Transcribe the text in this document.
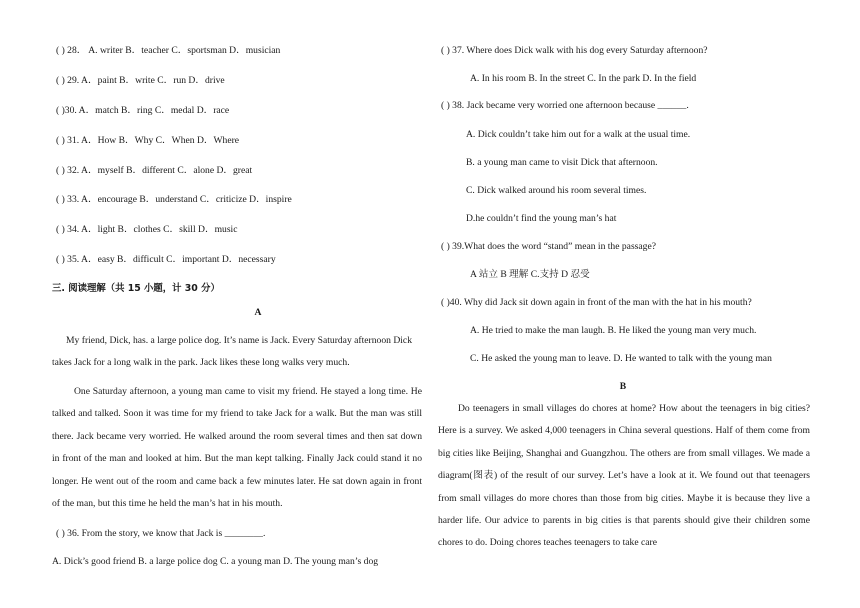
( ) 28． A. writer B．teacher C．sportsman D．musician
( ) 29. A．paint B．write C．run D．drive
( )30. A．match B．ring C．medal D．race
( ) 31. A．How B．Why C．When D．Where
( ) 32. A．myself B．different C．alone D．great
( ) 33. A．encourage B．understand C．criticize D．inspire
( ) 34. A．light B．clothes C．skill D．music
( ) 35. A．easy B．difficult C．important D．necessary
三. 阅读理解（共 15 小题，计 30 分）
A
My friend, Dick, has. a large police dog. It’s name is Jack. Every Saturday afternoon Dick takes Jack for a long walk in the park. Jack likes these long walks very much.
One Saturday afternoon, a young man came to visit my friend. He stayed a long time. He talked and talked. Soon it was time for my friend to take Jack for a walk. But the man was still there. Jack became very worried. He walked around the room several times and then sat down in front of the man and looked at him. But the man kept talking. Finally Jack could stand it no longer. He went out of the room and came back a few minutes later. He sat down again in front of the man, but this time he held the man’s hat in his mouth.
( ) 36. From the story, we know that Jack is ________.
A. Dick’s good friend B. a large police dog C. a young man D. The young man’s dog
( ) 37. Where does Dick walk with his dog every Saturday afternoon?
A. In his room B. In the street C. In the park D. In the field
( ) 38. Jack became very worried one afternoon because ______.
A. Dick couldn’t take him out for a walk at the usual time.
B. a young man came to visit Dick that afternoon.
C. Dick walked around his room several times.
D.he couldn’t find the young man’s hat
( ) 39.What does the word “stand” mean in the passage?
A 站立 B 理解 C.支持 D 忍受
( )40. Why did Jack sit down again in front of the man with the hat in his mouth?
A. He tried to make the man laugh. B. He liked the young man very much.
C. He asked the young man to leave. D. He wanted to talk with the young man
B
Do teenagers in small villages do chores at home? How about the teenagers in big cities? Here is a survey. We asked 4,000 teenagers in China several questions. Half of them come from big cities like Beijing, Shanghai and Guangzhou. The others are from small villages. We made a diagram(图表) of the result of our survey. Let’s have a look at it. We found out that teenagers from small villages do more chores than those from big cities. Maybe it is because they live a harder life. Our advice to parents in big cities is that parents should give their children some chores to do. Doing chores teaches teenagers to take care
